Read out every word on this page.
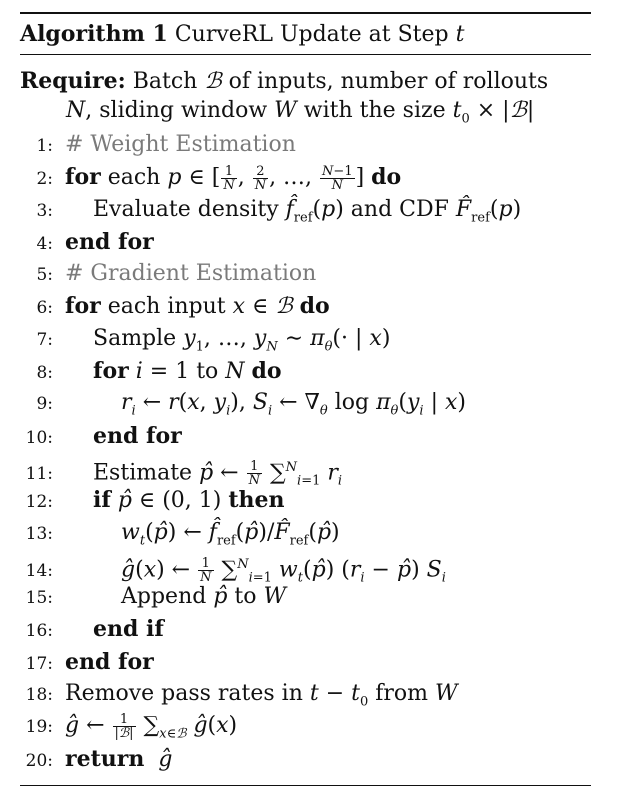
Algorithm 1 CurveRL Update at Step t
Require: Batch ℬ of inputs, number of rollouts
N, sliding window W with the size $t_0$ × |ℬ|
1: # Weight Estimation
2: for each p ∈ [ $\frac{1}{N}$ , $\frac{2}{N}$ , …, $\frac{N-1}{N}$ ] do
3: Evaluate density $f̂_{ref}(p)$ and CDF $F̂_{ref}(p)$
4: end for
5: # Gradient Estimation
6: for each input x ∈ ℬ do
7: Sample $y_1$, …, $y_N$ ∼ $\pi_\theta(\cdot$ | x)
8: for i = 1 to N do
9:	$r_i$ ← r(x, $y_i$), $S_i$ ← $\nabla_\theta$ $\log \pi_\theta(y_i$ | x)
10: end for
11: Estimate p̂ ← $\frac{1}{N} \sum^N_{i=1}$ $r_i$
12: if p̂ ∈ (0, 1) then
13:	$w_t(p̂)$ ← $f̂_{ref}(p̂)/F̂_{ref}(p̂)$
14:	ĝ(x) ← $\frac{1}{N} \sum^N_{i=1}$ $w_t(p̂) (r_i$ − p̂) $S_i$
15:	Append p̂ to W
16: end if
17: end for
18: Remove pass rates in $t - t_0$ from W
19: ĝ ← $\frac{1}{\text{|ℬ|}} \sum_{x\in ℬ}$ ĝ(x)
20: return ĝ
